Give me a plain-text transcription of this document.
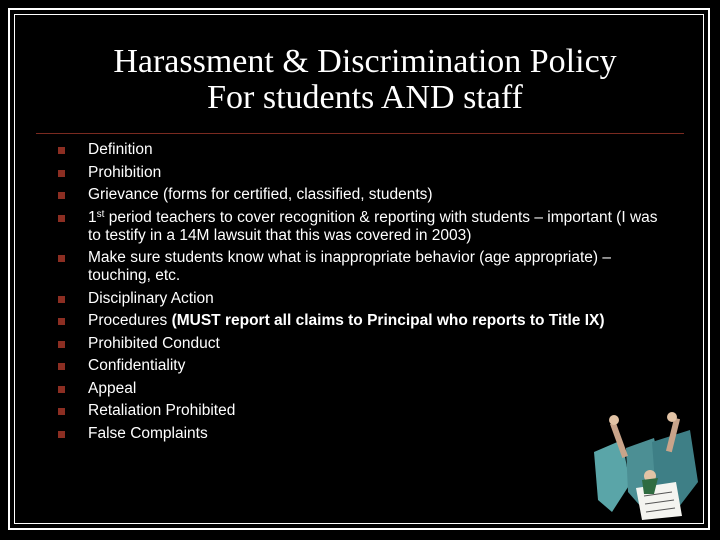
Harassment & Discrimination Policy
For students AND staff
Definition
Prohibition
Grievance (forms for certified, classified, students)
1st period teachers to cover recognition & reporting with students – important (I was to testify in a 14M lawsuit that this was covered in 2003)
Make sure students know what is inappropriate behavior (age appropriate) – touching, etc.
Disciplinary Action
Procedures (MUST report all claims to Principal who reports to Title IX)
Prohibited Conduct
Confidentiality
Appeal
Retaliation Prohibited
False Complaints
